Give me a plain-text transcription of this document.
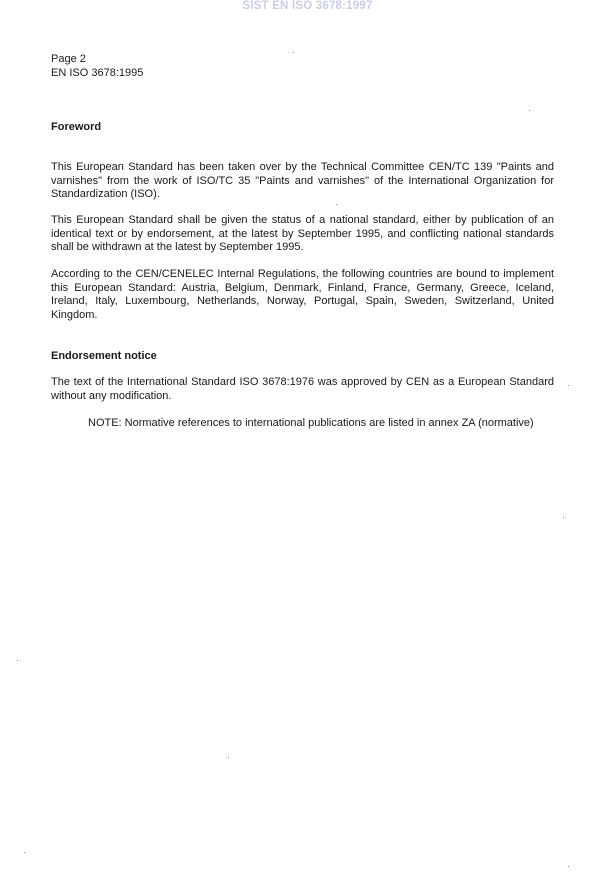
SIST EN ISO 3678:1997
Page 2
EN ISO 3678:1995
Foreword
This European Standard has been taken over by the Technical Committee CEN/TC 139 "Paints and varnishes" from the work of ISO/TC 35 "Paints and varnishes" of the International Organization for Standardization (ISO).
This European Standard shall be given the status of a national standard, either by publication of an identical text or by endorsement, at the latest by September 1995, and conflicting national standards shall be withdrawn at the latest by September 1995.
According to the CEN/CENELEC Internal Regulations, the following countries are bound to implement this European Standard: Austria, Belgium, Denmark, Finland, France, Germany, Greece, Iceland, Ireland, Italy, Luxembourg, Netherlands, Norway, Portugal, Spain, Sweden, Switzerland, United Kingdom.
Endorsement notice
The text of the International Standard ISO 3678:1976 was approved by CEN as a European Standard without any modification.
NOTE: Normative references to international publications are listed in annex ZA (normative)
